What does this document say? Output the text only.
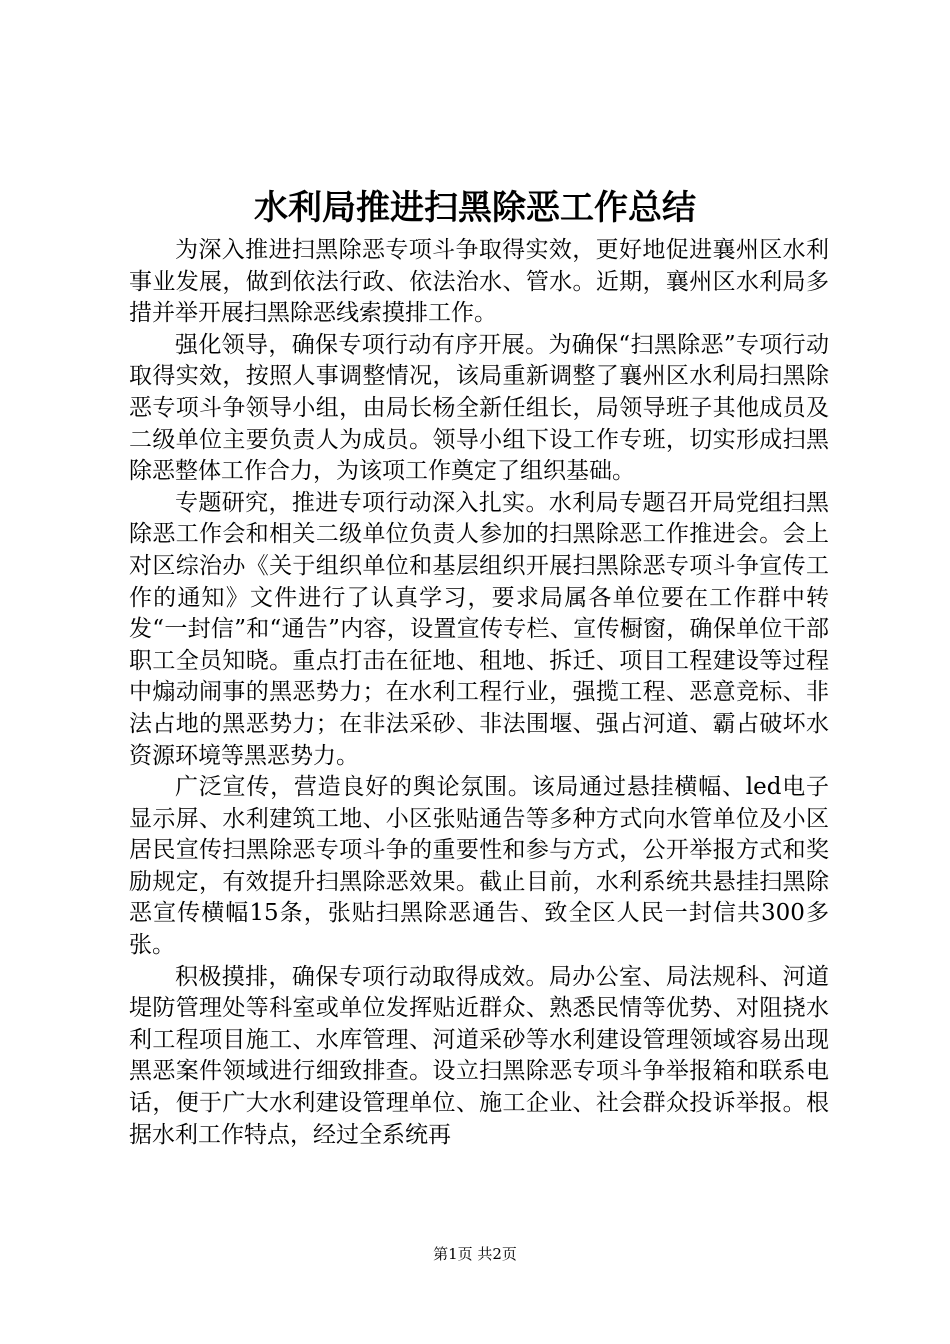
水利局推进扫黑除恶工作总结

为深入推进扫黑除恶专项斗争取得实效，更好地促进襄州区水利事业发展，做到依法行政、依法治水、管水。近期，襄州区水利局多措并举开展扫黑除恶线索摸排工作。

强化领导，确保专项行动有序开展。为确保“扫黑除恶”专项行动取得实效，按照人事调整情况，该局重新调整了襄州区水利局扫黑除恶专项斗争领导小组，由局长杨全新任组长，局领导班子其他成员及二级单位主要负责人为成员。领导小组下设工作专班，切实形成扫黑除恶整体工作合力，为该项工作奠定了组织基础。

专题研究，推进专项行动深入扎实。水利局专题召开局党组扫黑除恶工作会和相关二级单位负责人参加的扫黑除恶工作推进会。会上对区综治办《关于组织单位和基层组织开展扫黑除恶专项斗争宣传工作的通知》文件进行了认真学习，要求局属各单位要在工作群中转发“一封信”和“通告”内容，设置宣传专栏、宣传橱窗，确保单位干部职工全员知晓。重点打击在征地、租地、拆迁、项目工程建设等过程中煽动闹事的黑恶势力；在水利工程行业，强揽工程、恶意竞标、非法占地的黑恶势力；在非法采砂、非法围堰、强占河道、霸占破坏水资源环境等黑恶势力。

广泛宣传，营造良好的舆论氛围。该局通过悬挂横幅、led电子显示屏、水利建筑工地、小区张贴通告等多种方式向水管单位及小区居民宣传扫黑除恶专项斗争的重要性和参与方式，公开举报方式和奖励规定，有效提升扫黑除恶效果。截止目前，水利系统共悬挂扫黑除恶宣传横幅15条，张贴扫黑除恶通告、致全区人民一封信共300多张。

积极摸排，确保专项行动取得成效。局办公室、局法规科、河道堤防管理处等科室或单位发挥贴近群众、熟悉民情等优势、对阻挠水利工程项目施工、水库管理、河道采砂等水利建设管理领域容易出现黑恶案件领域进行细致排查。设立扫黑除恶专项斗争举报箱和联系电话，便于广大水利建设管理单位、施工企业、社会群众投诉举报。根据水利工作特点，经过全系统再

第1页 共2页
